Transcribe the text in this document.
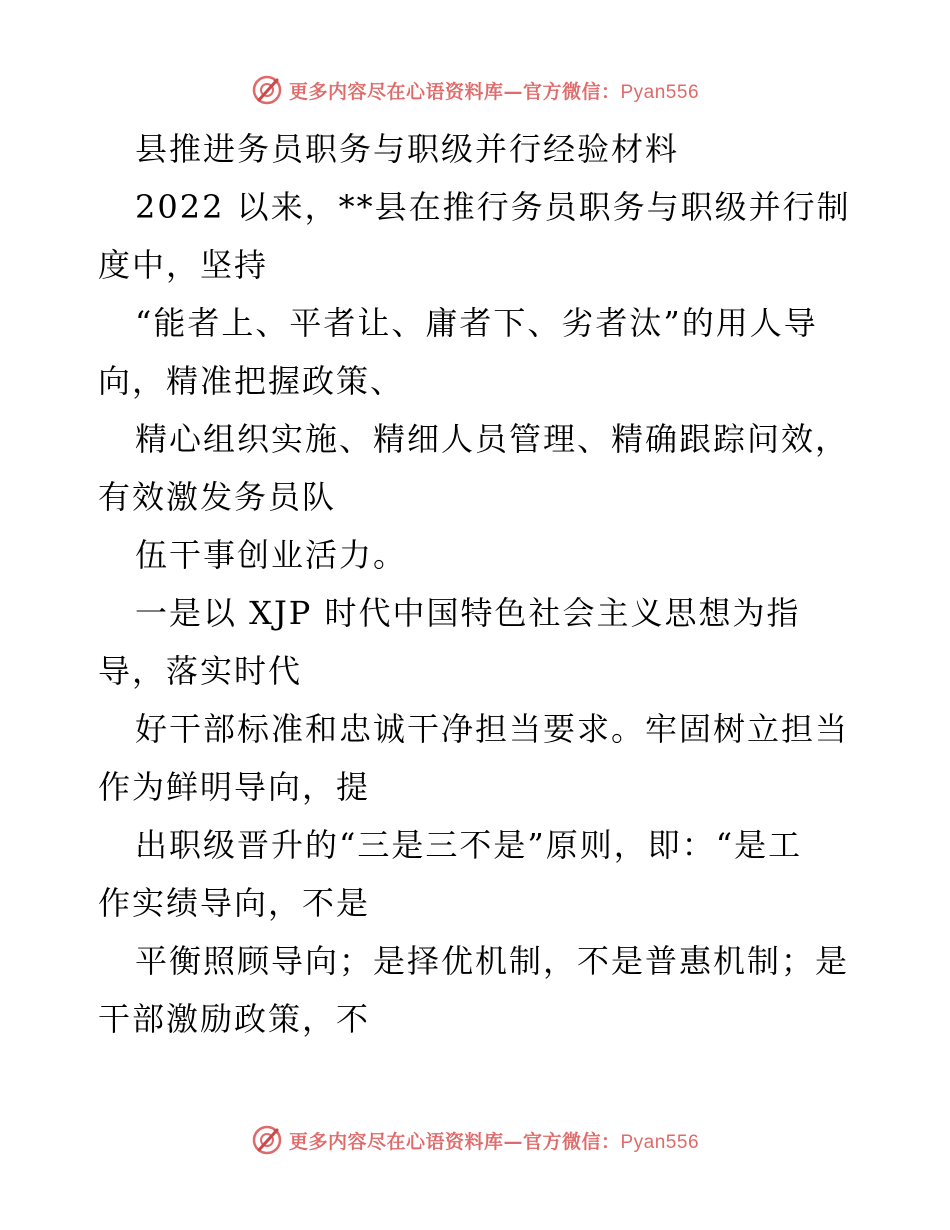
更多内容尽在心语资料库—官方微信：Pyan556
县推进务员职务与职级并行经验材料
2022 以来，**县在推行务员职务与职级并行制
度中，坚持
“能者上、平者让、庸者下、劣者汰”的用人导
向，精准把握政策、
精心组织实施、精细人员管理、精确跟踪问效，
有效激发务员队
伍干事创业活力。
一是以 XJP 时代中国特色社会主义思想为指
导，落实时代
好干部标准和忠诚干净担当要求。牢固树立担当
作为鲜明导向，提
出职级晋升的“三是三不是”原则，即：“是工
作实绩导向，不是
平衡照顾导向；是择优机制，不是普惠机制；是
干部激励政策，不
更多内容尽在心语资料库—官方微信：Pyan556
